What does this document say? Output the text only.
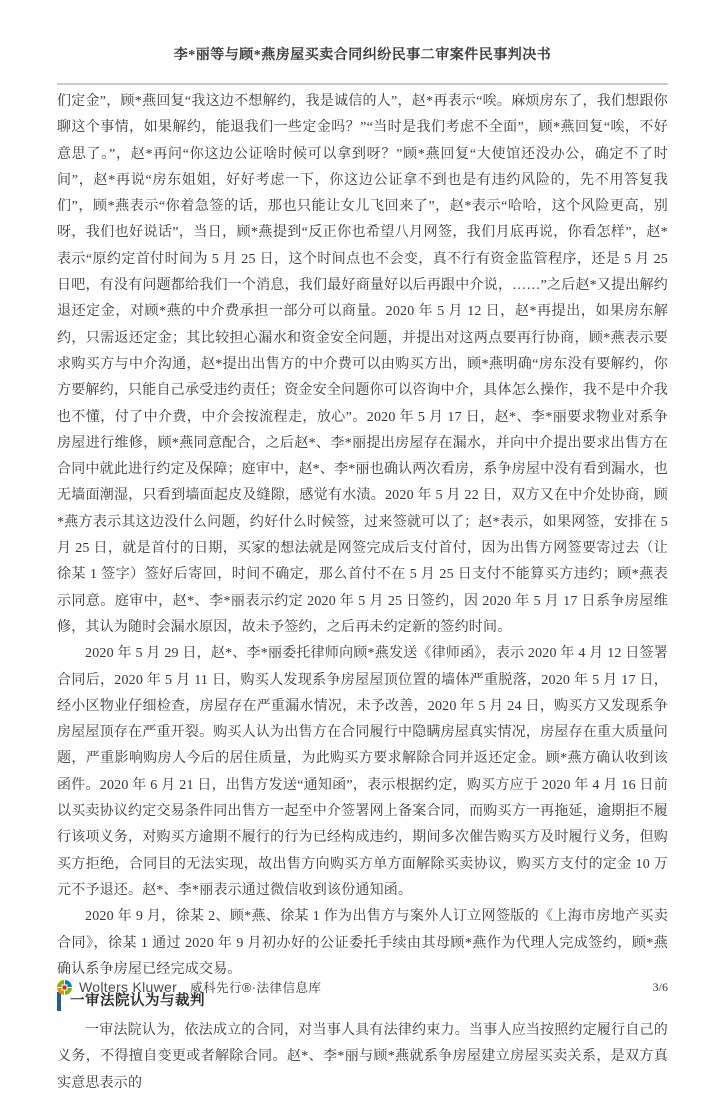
李*丽等与顾*燕房屋买卖合同纠纷民事二审案件民事判决书

们定金”，顾*燕回复“我这边不想解约，我是诚信的人”，赵*再表示“唉。麻烦房东了，我们想跟你聊这个事情，如果解约，能退我们一些定金吗？”“当时是我们考虑不全面”，顾*燕回复“唉，不好意思了。”，赵*再问“你这边公证啥时候可以拿到呀？”顾*燕回复“大使馆还没办公，确定不了时间”，赵*再说“房东姐姐，好好考虑一下，你这边公证拿不到也是有违约风险的，先不用答复我们”，顾*燕表示“你着急签的话，那也只能让女儿飞回来了”，赵*表示“哈哈，这个风险更高，别呀，我们也好说话”，当日，顾*燕提到“反正你也希望八月网签，我们月底再说，你看怎样”，赵*表示“原约定首付时间为 5 月 25 日，这个时间点也不会变，真不行有资金监管程序，还是 5 月 25 日吧，有没有问题都给我们一个消息，我们最好商量好以后再跟中介说，……”之后赵*又提出解约退还定金，对顾*燕的中介费承担一部分可以商量。2020 年 5 月 12 日，赵*再提出，如果房东解约，只需返还定金；其比较担心漏水和资金安全问题，并提出对这两点要再行协商，顾*燕表示要求购买方与中介沟通，赵*提出出售方的中介费可以由购买方出，顾*燕明确“房东没有要解约，你方要解约，只能自己承受违约责任；资金安全问题你可以咨询中介，具体怎么操作，我不是中介我也不懂，付了中介费，中介会按流程走，放心”。2020 年 5 月 17 日，赵*、李*丽要求物业对系争房屋进行维修，顾*燕同意配合，之后赵*、李*丽提出房屋存在漏水，并向中介提出要求出售方在合同中就此进行约定及保障；庭审中，赵*、李*丽也确认两次看房，系争房屋中没有看到漏水，也无墙面潮湿，只看到墙面起皮及缝隙，感觉有水渍。2020 年 5 月 22 日，双方又在中介处协商，顾*燕方表示其这边没什么问题，约好什么时候签，过来签就可以了；赵*表示，如果网签，安排在 5 月 25 日，就是首付的日期，买家的想法就是网签完成后支付首付，因为出售方网签要寄过去（让徐某 1 签字）签好后寄回，时间不确定，那么首付不在 5 月 25 日支付不能算买方违约；顾*燕表示同意。庭审中，赵*、李*丽表示约定 2020 年 5 月 25 日签约，因 2020 年 5 月 17 日系争房屋维修，其认为随时会漏水原因，故未予签约，之后再未约定新的签约时间。

2020 年 5 月 29 日，赵*、李*丽委托律师向顾*燕发送《律师函》，表示 2020 年 4 月 12 日签署合同后，2020 年 5 月 11 日，购买人发现系争房屋屋顶位置的墙体严重脱落，2020 年 5 月 17 日，经小区物业仔细检查，房屋存在严重漏水情况，未予改善，2020 年 5 月 24 日，购买方又发现系争房屋屋顶存在严重开裂。购买人认为出售方在合同履行中隐瞒房屋真实情况，房屋存在重大质量问题，严重影响购房人今后的居住质量，为此购买方要求解除合同并返还定金。顾*燕方确认收到该函件。2020 年 6 月 21 日，出售方发送“通知函”，表示根据约定，购买方应于 2020 年 4 月 16 日前以买卖协议约定交易条件同出售方一起至中介签署网上备案合同，而购买方一再拖延，逾期拒不履行该项义务，对购买方逾期不履行的行为已经构成违约，期间多次催告购买方及时履行义务，但购买方拒绝，合同目的无法实现，故出售方向购买方单方面解除买卖协议，购买方支付的定金 10 万元不予退还。赵*、李*丽表示通过微信收到该份通知函。

2020 年 9 月，徐某 2、顾*燕、徐某 1 作为出售方与案外人订立网签版的《上海市房地产买卖合同》，徐某 1 通过 2020 年 9 月初办好的公证委托手续由其母顾*燕作为代理人完成签约，顾*燕确认系争房屋已经完成交易。

一审法院认为与裁判

一审法院认为，依法成立的合同，对当事人具有法律约束力。当事人应当按照约定履行自己的义务，不得擅自变更或者解除合同。赵*、李*丽与顾*燕就系争房屋建立房屋买卖关系，是双方真实意思表示的

Wolters Kluwer 威科先行®·法律信息库	3/6
